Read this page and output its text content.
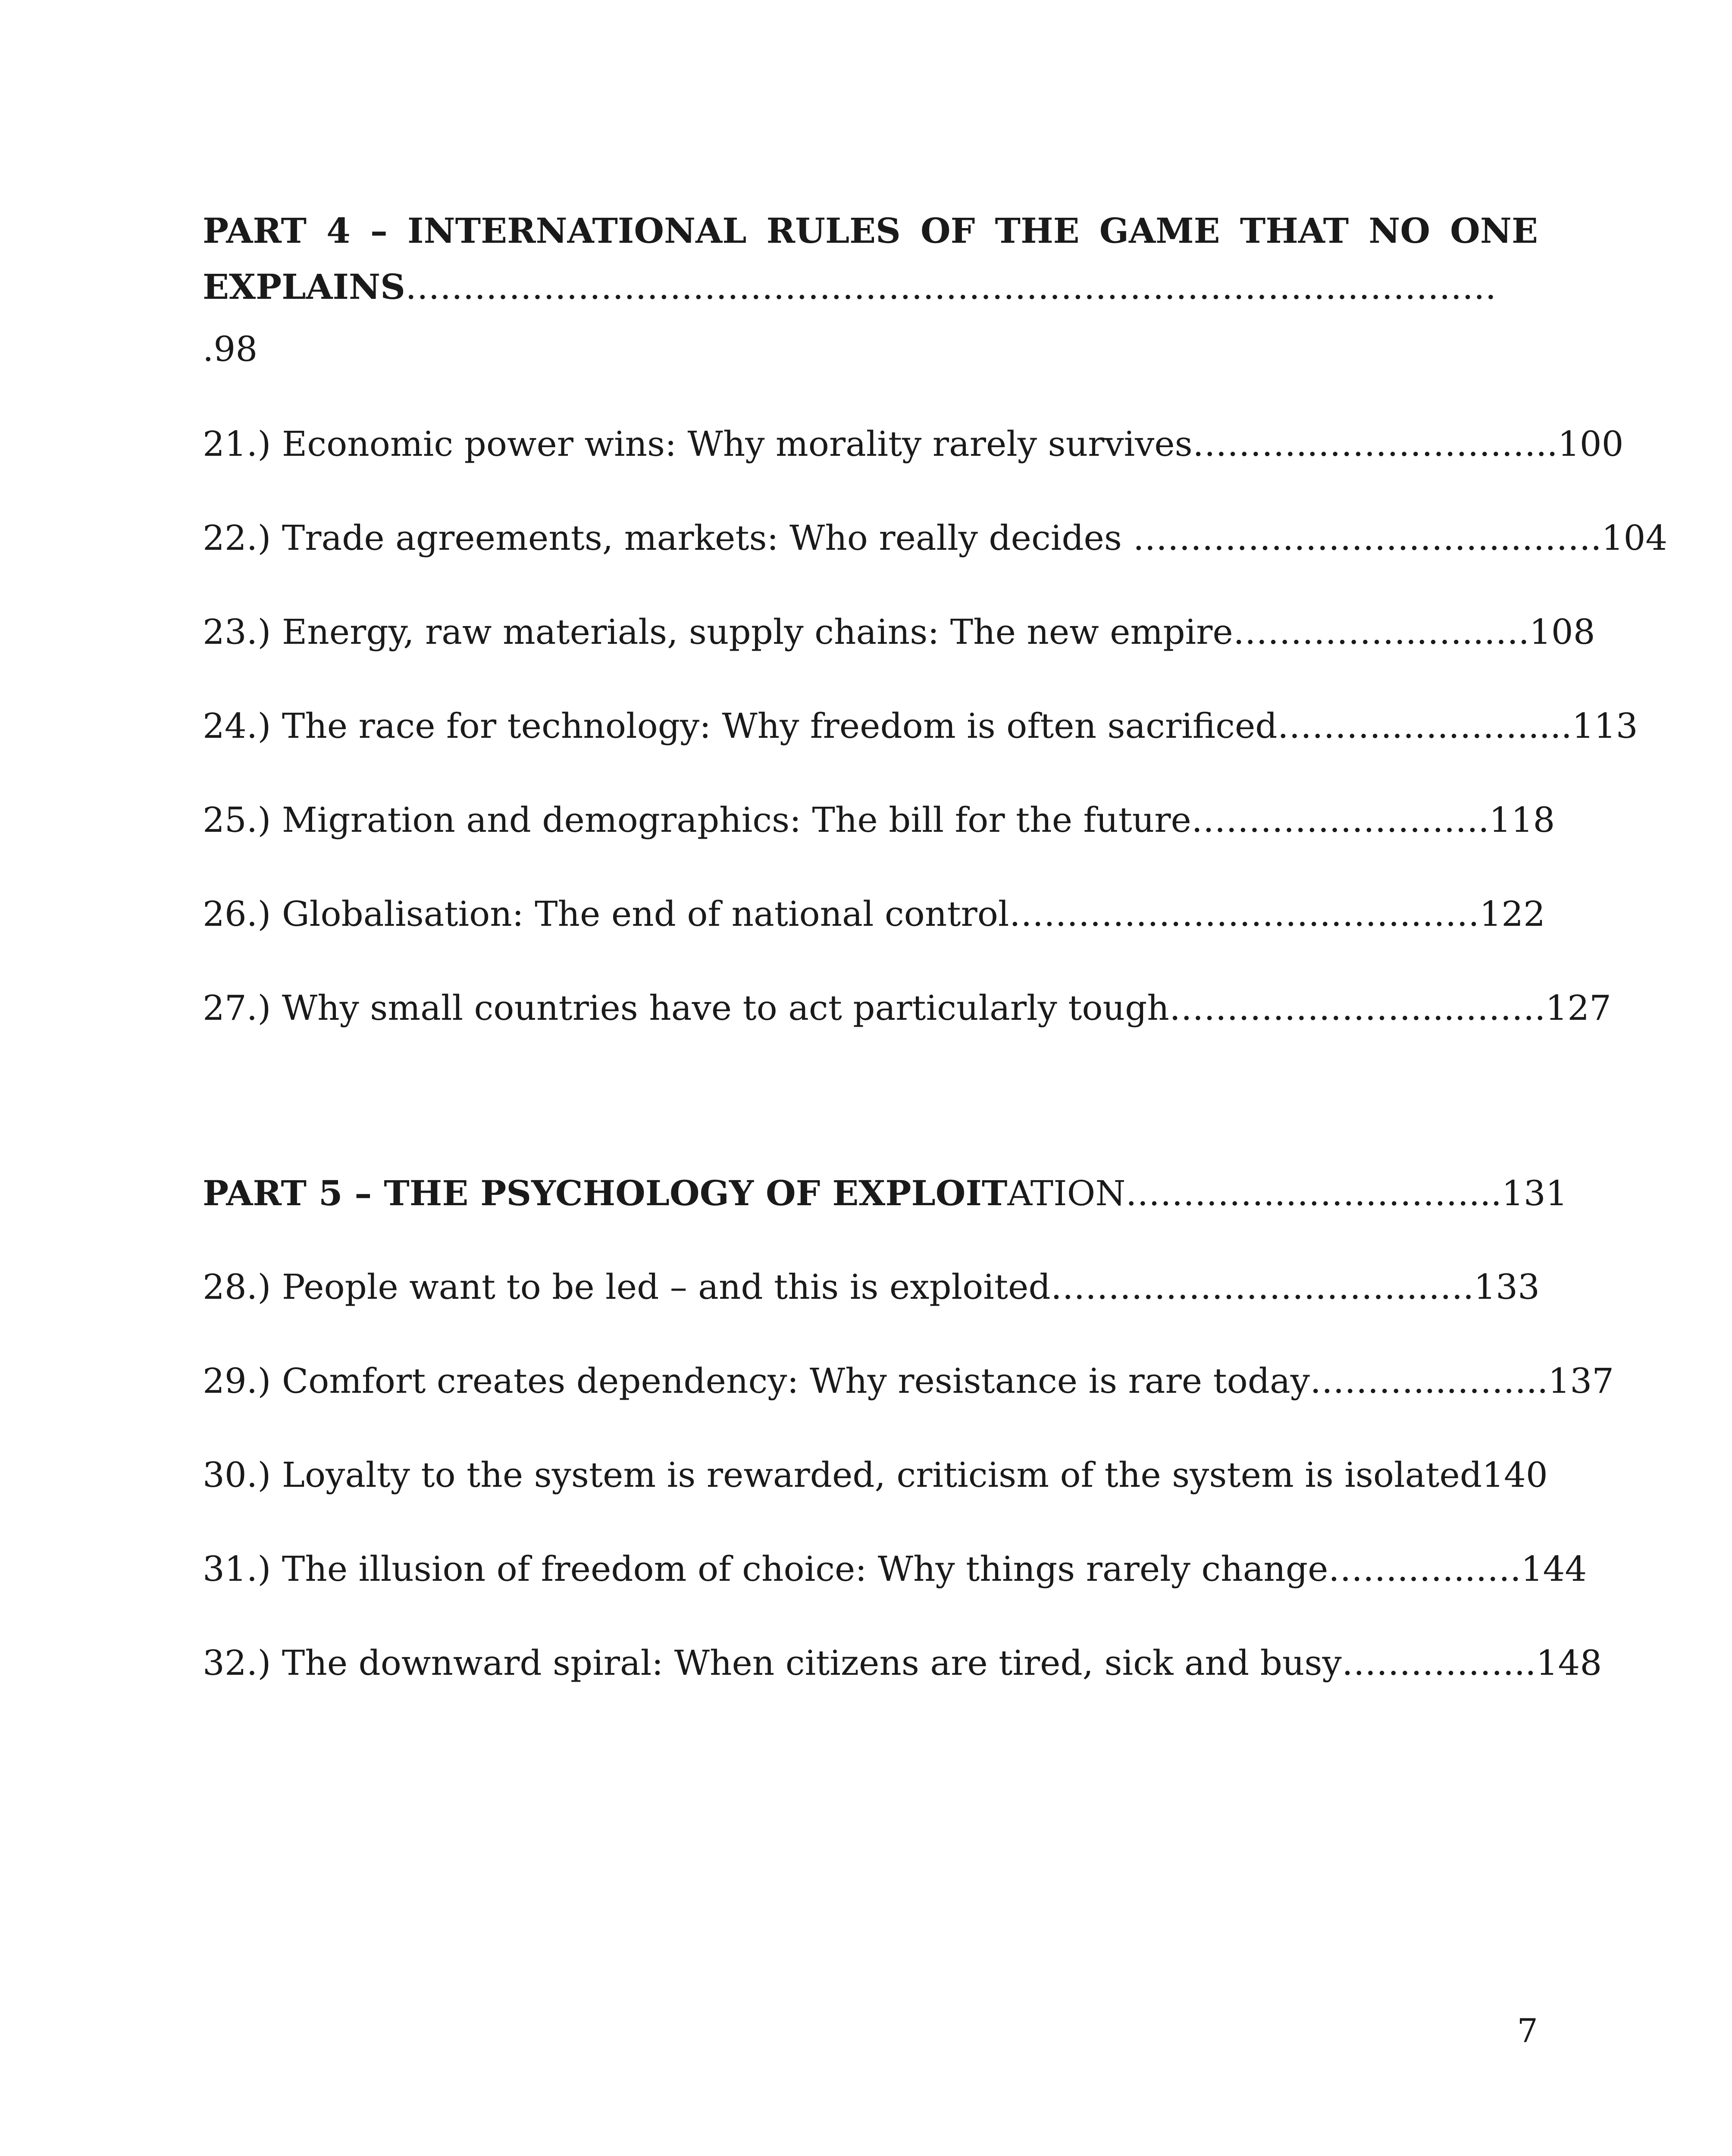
PART 4 – INTERNATIONAL RULES OF THE GAME THAT NO ONE
EXPLAINS ………………………………………………………………………..…………
.98
21.) Economic power wins: Why morality rarely survives ………..…………….….. 100
22.) Trade agreements, markets: Who really decides …………………….……...……. 104
23.) Energy, raw materials, supply chains: The new empire ……………..…..…. 108
24.) The race for technology: Why freedom is often sacrificed ………..….……..... 113
25.) Migration and demographics: The bill for the future ………….…………. 118
26.) Globalisation: The end of national control ……………………….…….…… 122
27.) Why small countries have to act particularly tough ………………….....……. 127
PART 5 – THE PSYCHOLOGY OF EXPLOIT ATION …………..…….………... 131
28.) People want to be led – and this is exploited …………………………...…. 133
29.) Comfort creates dependency: Why resistance is rare today ………....…….. 137
30.) Loyalty to the system is rewarded, criticism of the system is isolated 140
31.) The illusion of freedom of choice: Why things rarely change ……..…..…. 144
32.) The downward spiral: When citizens are tired, sick and busy …………….. 148
7
